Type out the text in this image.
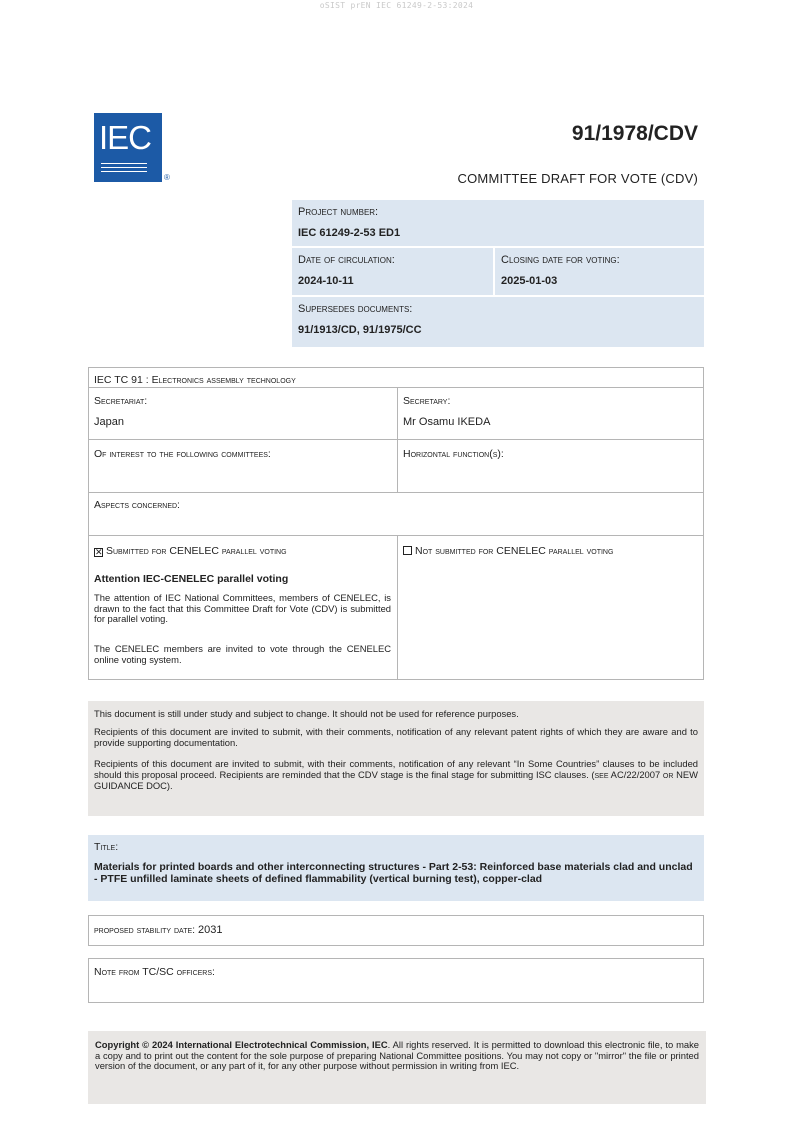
oSIST prEN IEC 61249-2-53:2024
IEC
®
91/1978/CDV
COMMITTEE DRAFT FOR VOTE (CDV)
Project number:
IEC 61249-2-53 ED1
Date of circulation:
2024-10-11
Closing date for voting:
2025-01-03
Supersedes documents:
91/1913/CD, 91/1975/CC
IEC TC 91 : Electronics assembly technology
Secretariat:
Japan
Secretary:
Mr Osamu IKEDA
Of interest to the following committees:	Horizontal function(s):
Aspects concerned:
✕ Submitted for CENELEC parallel voting	Not submitted for CENELEC parallel voting
Attention IEC-CENELEC parallel voting

The attention of IEC National Committees, members of CENELEC, is drawn to the fact that this Committee Draft for Vote (CDV) is submitted for parallel voting.

The CENELEC members are invited to vote through the CENELEC online voting system.

This document is still under study and subject to change. It should not be used for reference purposes.

Recipients of this document are invited to submit, with their comments, notification of any relevant patent rights of which they are aware and to provide supporting documentation.

Recipients of this document are invited to submit, with their comments, notification of any relevant “In Some Countries” clauses to be included should this proposal proceed. Recipients are reminded that the CDV stage is the final stage for submitting ISC clauses. (see AC/22/2007 or NEW GUIDANCE DOC).

Title:

Materials for printed boards and other interconnecting structures - Part 2-53: Reinforced base materials clad and unclad - PTFE unfilled laminate sheets of defined flammability (vertical burning test), copper-clad

proposed stability date: 2031
Note from TC/SC officers:

Copyright © 2024 International Electrotechnical Commission, IEC. All rights reserved. It is permitted to download this electronic file, to make a copy and to print out the content for the sole purpose of preparing National Committee positions. You may not copy or "mirror" the file or printed version of the document, or any part of it, for any other purpose without permission in writing from IEC.
